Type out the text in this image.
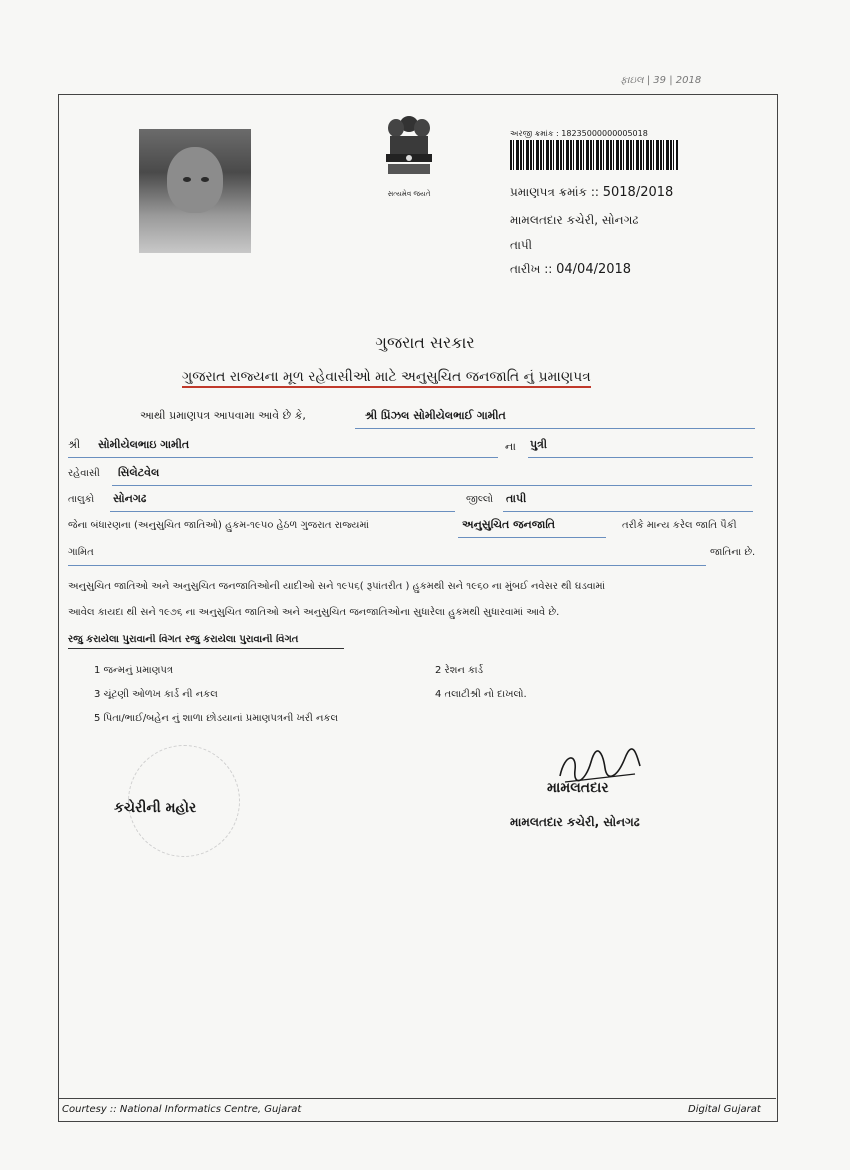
ફાઇલ | 39 | 2018
સત્યમેવ જયતે
અરજી ક્રમાંક : 18235000000005018
પ્રમાણપત્ર ક્રમાંક :: 5018/2018
મામલતદાર કચેરી, સોનગઢ
તાપી
તારીખ :: 04/04/2018
ગુજરાત સરકાર
ગુજરાત રાજ્યના મૂળ રહેવાસીઓ માટે અનુસુચિત જનજાતિ નું પ્રમાણપત્ર
આથી પ્રમાણપત્ર આપવામા આવે છે કે,	શ્રી પ્રિંઝલ સોમીયેલભાઈ ગામીત
શ્રી સોમીયેલભાઇ ગામીત	ના પુત્રી
રહેવાસી સિલેટવેલ
તાલુકો સોનગઢ	જીલ્લો તાપી
જેના બંધારણના (અનુસુચિત જાતિઓ) હુકમ-૧૯૫૦ હેઠળ ગુજરાત રાજ્યમાં	અનુસુચિત જનજાતિ	તરીકે માન્ય કરેલ જાતિ પૈકી
ગામિત	જાતિના છે.
અનુસુચિત જાતિઓ અને અનુસુચિત જનજાતિઓની યાદીઓ સને ૧૯૫૬( રૂપાંતરીત ) હુકમથી સને ૧૯૬૦ ના મુંબઈ નવેસર થી ઘડવામાં
આવેલ કાયદા થી સને ૧૯૭૬ ના અનુસુચિત જાતિઓ અને અનુસુચિત જનજાતિઓના સુધારેલા હુકમથી સુધારવામાં આવે છે.
રજુ કરાયેલા પુરાવાની વિગત રજુ કરાયેલા પુરાવાની વિગત
1 જન્મનું પ્રમાણપત્ર	2 રેશન કાર્ડ
3 ચૂંટણી ઓળખ કાર્ડ ની નકલ	4 તલાટીશ્રી નો દાખલો.
5 પિતા/ભાઈ/બહેન નું શાળા છોડયાનાં પ્રમાણપત્રની ખરી નકલ
કચેરીની મહોર
મામલતદાર
મામલતદાર કચેરી, સોનગઢ
Courtesy :: National Informatics Centre, Gujarat	Digital Gujarat
